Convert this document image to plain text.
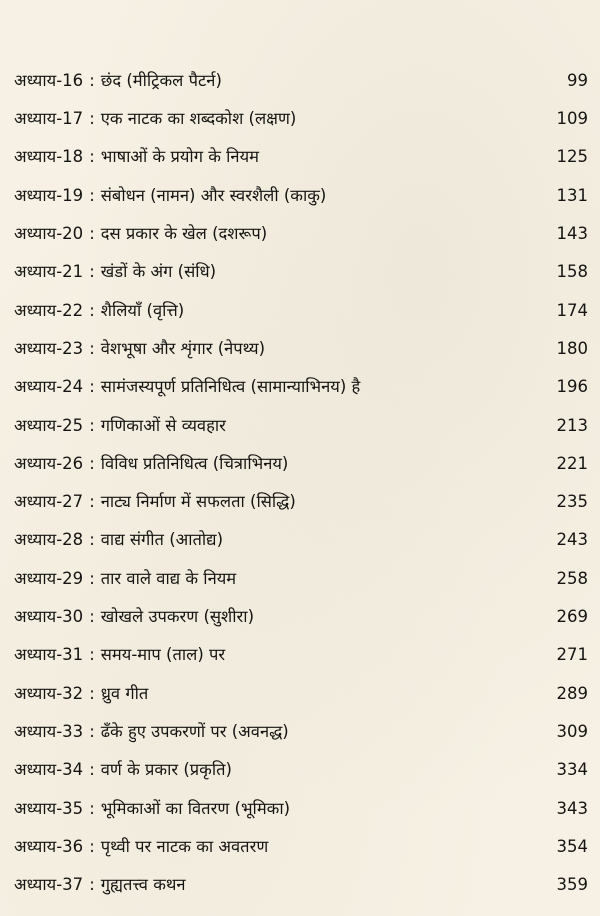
अध्याय-16 : छंद (मीट्रिकल पैटर्न)	99
अध्याय-17 : एक नाटक का शब्दकोश (लक्षण)	109
अध्याय-18 : भाषाओं के प्रयोग के नियम	125
अध्याय-19 : संबोधन (नामन) और स्वरशैली (काकु)	131
अध्याय-20 : दस प्रकार के खेल (दशरूप)	143
अध्याय-21 : खंडों के अंग (संधि)	158
अध्याय-22 : शैलियाँ (वृत्ति)	174
अध्याय-23 : वेशभूषा और शृंगार (नेपथ्य)	180
अध्याय-24 : सामंजस्यपूर्ण प्रतिनिधित्व (सामान्याभिनय) है	196
अध्याय-25 : गणिकाओं से व्यवहार	213
अध्याय-26 : विविध प्रतिनिधित्व (चित्राभिनय)	221
अध्याय-27 : नाट्य निर्माण में सफलता (सिद्धि)	235
अध्याय-28 : वाद्य संगीत (आतोद्य)	243
अध्याय-29 : तार वाले वाद्य के नियम	258
अध्याय-30 : खोखले उपकरण (सुशीरा)	269
अध्याय-31 : समय-माप (ताल) पर	271
अध्याय-32 : ध्रुव गीत	289
अध्याय-33 : ढँके हुए उपकरणों पर (अवनद्ध)	309
अध्याय-34 : वर्ण के प्रकार (प्रकृति)	334
अध्याय-35 : भूमिकाओं का वितरण (भूमिका)	343
अध्याय-36 : पृथ्वी पर नाटक का अवतरण	354
अध्याय-37 : गुह्यतत्त्व कथन	359
